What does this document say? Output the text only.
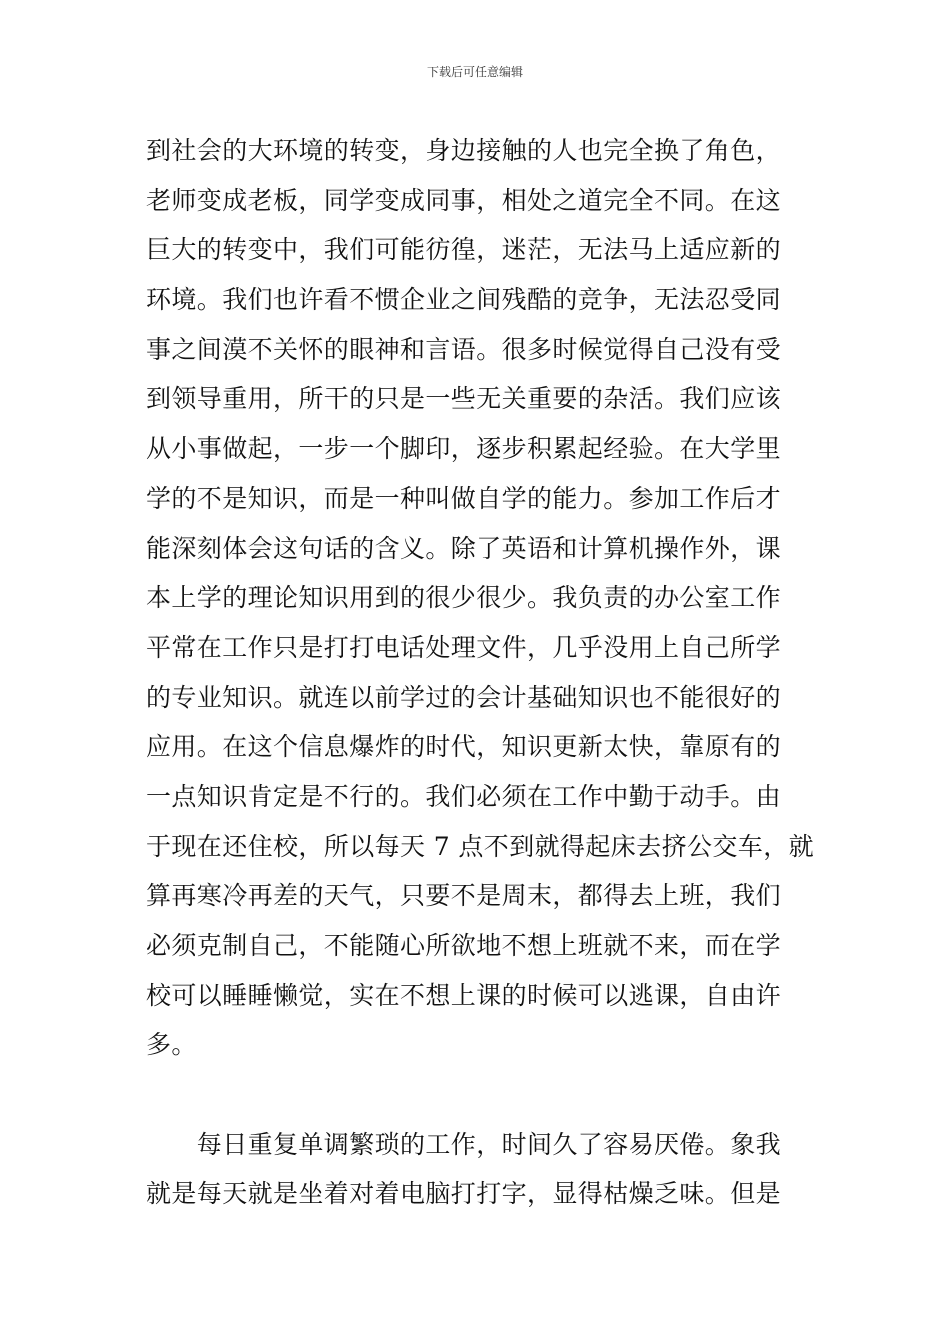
下载后可任意编辑
到社会的大环境的转变，身边接触的人也完全换了角色，
老师变成老板，同学变成同事，相处之道完全不同。在这
巨大的转变中，我们可能彷徨，迷茫，无法马上适应新的
环境。我们也许看不惯企业之间残酷的竞争，无法忍受同
事之间漠不关怀的眼神和言语。很多时候觉得自己没有受
到领导重用，所干的只是一些无关重要的杂活。我们应该
从小事做起，一步一个脚印，逐步积累起经验。在大学里
学的不是知识，而是一种叫做自学的能力。参加工作后才
能深刻体会这句话的含义。除了英语和计算机操作外，课
本上学的理论知识用到的很少很少。我负责的办公室工作
平常在工作只是打打电话处理文件，几乎没用上自己所学
的专业知识。就连以前学过的会计基础知识也不能很好的
应用。在这个信息爆炸的时代，知识更新太快，靠原有的
一点知识肯定是不行的。我们必须在工作中勤于动手。由
于现在还住校，所以每天 7 点不到就得起床去挤公交车，就
算再寒冷再差的天气，只要不是周末，都得去上班，我们
必须克制自己，不能随心所欲地不想上班就不来，而在学
校可以睡睡懒觉，实在不想上课的时候可以逃课，自由许
多。
　　每日重复单调繁琐的工作，时间久了容易厌倦。象我
就是每天就是坐着对着电脑打打字，显得枯燥乏味。但是
